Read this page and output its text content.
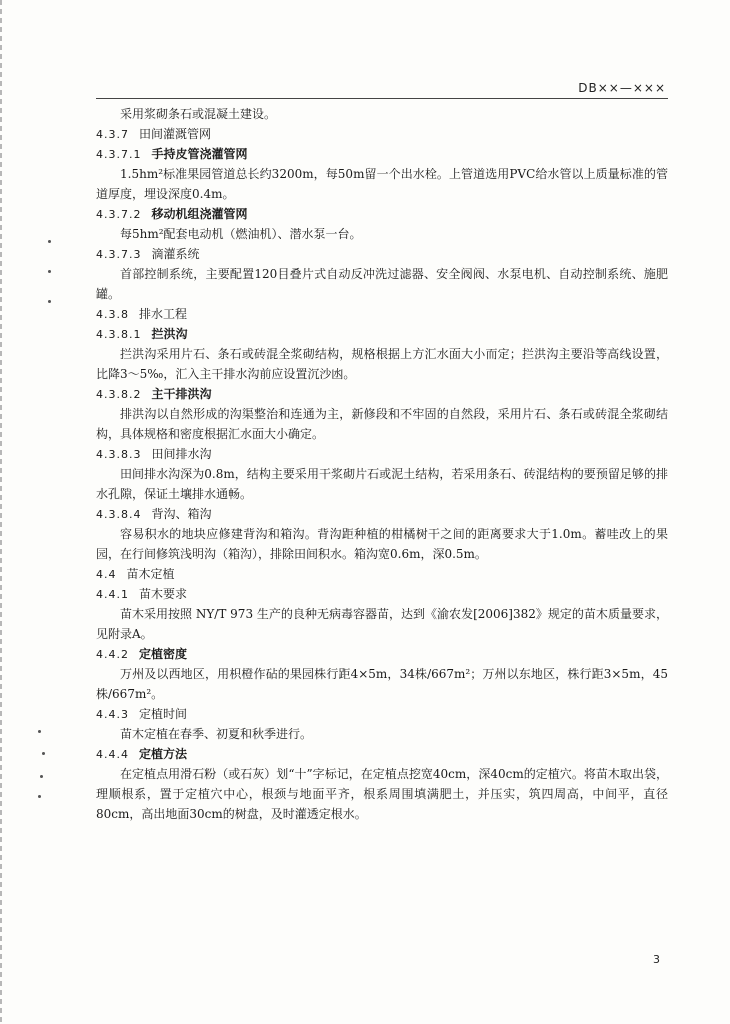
DB××—×××
采用浆砌条石或混凝土建设。
4.3.7 田间灌溉管网
4.3.7.1 手持皮管浇灌管网
1.5hm²标准果园管道总长约3200m，每50m留一个出水栓。上管道选用PVC给水管以上质量标准的管道厚度，埋设深度0.4m。
4.3.7.2 移动机组浇灌管网
每5hm²配套电动机（燃油机）、潜水泵一台。
4.3.7.3 滴灌系统
首部控制系统，主要配置120目叠片式自动反冲洗过滤器、安全阀阀、水泵电机、自动控制系统、施肥罐。
4.3.8 排水工程
4.3.8.1 拦洪沟
拦洪沟采用片石、条石或砖混全浆砌结构，规格根据上方汇水面大小而定；拦洪沟主要沿等高线设置，比降3～5‰，汇入主干排水沟前应设置沉沙凼。
4.3.8.2 主干排洪沟
排洪沟以自然形成的沟渠整治和连通为主，新修段和不牢固的自然段，采用片石、条石或砖混全浆砌结构，具体规格和密度根据汇水面大小确定。
4.3.8.3 田间排水沟
田间排水沟深为0.8m，结构主要采用干浆砌片石或泥土结构，若采用条石、砖混结构的要预留足够的排水孔隙，保证土壤排水通畅。
4.3.8.4 背沟、箱沟
容易积水的地块应修建背沟和箱沟。背沟距种植的柑橘树干之间的距离要求大于1.0m。蓄哇改上的果园，在行间修筑浅明沟（箱沟），排除田间积水。箱沟宽0.6m，深0.5m。
4.4 苗木定植
4.4.1 苗木要求
苗木采用按照 NY/T 973 生产的良种无病毒容器苗，达到《渝农发[2006]382》规定的苗木质量要求，见附录A。
4.4.2 定植密度
万州及以西地区，用枳橙作砧的果园株行距4×5m，34株/667m²；万州以东地区，株行距3×5m，45株/667m²。
4.4.3 定植时间
苗木定植在春季、初夏和秋季进行。
4.4.4 定植方法
在定植点用滑石粉（或石灰）划“十”字标记，在定植点挖宽40cm，深40cm的定植穴。将苗木取出袋，理顺根系，置于定植穴中心，根颈与地面平齐，根系周围填满肥土，并压实，筑四周高，中间平，直径80cm，高出地面30cm的树盘，及时灌透定根水。
3
